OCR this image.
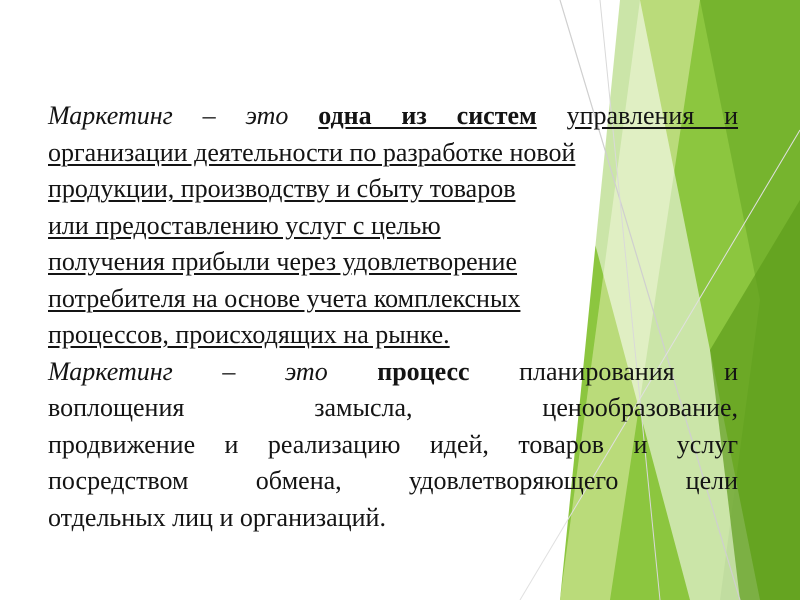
Маркетинг – это одна из систем управления и
организации деятельности по разработке новой
продукции, производству и сбыту товаров
или предоставлению услуг с целью
получения прибыли через удовлетворение
потребителя на основе учета комплексных
процессов, происходящих на рынке.
Маркетинг – это процесс планирования и
воплощения замысла, ценообразование,
продвижение и реализацию идей, товаров и услуг
посредством обмена, удовлетворяющего цели
отдельных лиц и организаций.
